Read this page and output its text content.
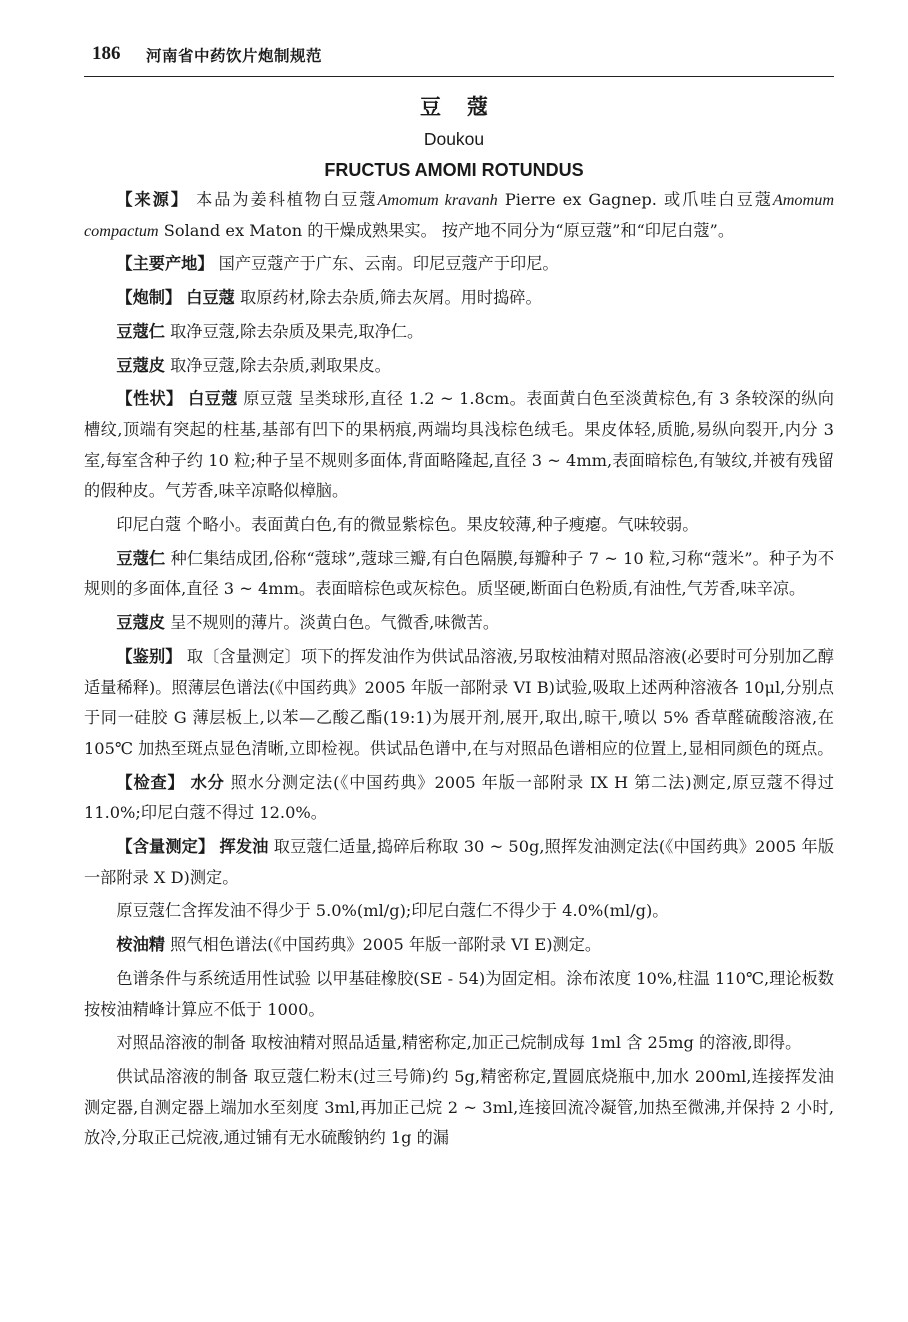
186 河南省中药饮片炮制规范
豆蔻
Doukou
FRUCTUS AMOMI ROTUNDUS

【来源】 本品为姜科植物白豆蔻Amomum kravanh Pierre ex Gagnep. 或爪哇白豆蔻Amomum compactum Soland ex Maton 的干燥成熟果实。 按产地不同分为“原豆蔻”和“印尼白蔻”。

【主要产地】 国产豆蔻产于广东、云南。印尼豆蔻产于印尼。

【炮制】 白豆蔻 取原药材,除去杂质,筛去灰屑。用时捣碎。

豆蔻仁 取净豆蔻,除去杂质及果壳,取净仁。

豆蔻皮 取净豆蔻,除去杂质,剥取果皮。

【性状】 白豆蔻 原豆蔻 呈类球形,直径 1.2 ~ 1.8cm。表面黄白色至淡黄棕色,有 3 条较深的纵向槽纹,顶端有突起的柱基,基部有凹下的果柄痕,两端均具浅棕色绒毛。果皮体轻,质脆,易纵向裂开,内分 3 室,每室含种子约 10 粒;种子呈不规则多面体,背面略隆起,直径 3 ~ 4mm,表面暗棕色,有皱纹,并被有残留的假种皮。气芳香,味辛凉略似樟脑。

印尼白蔻 个略小。表面黄白色,有的微显紫棕色。果皮较薄,种子瘦瘪。气味较弱。

豆蔻仁 种仁集结成团,俗称“蔻球”,蔻球三瓣,有白色隔膜,每瓣种子 7 ~ 10 粒,习称“蔻米”。种子为不规则的多面体,直径 3 ~ 4mm。表面暗棕色或灰棕色。质坚硬,断面白色粉质,有油性,气芳香,味辛凉。

豆蔻皮 呈不规则的薄片。淡黄白色。气微香,味微苦。

【鉴别】 取〔含量测定〕项下的挥发油作为供试品溶液,另取桉油精对照品溶液(必要时可分别加乙醇适量稀释)。照薄层色谱法(《中国药典》2005 年版一部附录 VI B)试验,吸取上述两种溶液各 10μl,分别点于同一硅胶 G 薄层板上,以苯—乙酸乙酯(19:1)为展开剂,展开,取出,晾干,喷以 5% 香草醛硫酸溶液,在 105℃ 加热至斑点显色清晰,立即检视。供试品色谱中,在与对照品色谱相应的位置上,显相同颜色的斑点。

【检查】 水分 照水分测定法(《中国药典》2005 年版一部附录 IX H 第二法)测定,原豆蔻不得过 11.0%;印尼白蔻不得过 12.0%。

【含量测定】 挥发油 取豆蔻仁适量,捣碎后称取 30 ~ 50g,照挥发油测定法(《中国药典》2005 年版一部附录 X D)测定。

原豆蔻仁含挥发油不得少于 5.0%(ml/g);印尼白蔻仁不得少于 4.0%(ml/g)。

桉油精 照气相色谱法(《中国药典》2005 年版一部附录 VI E)测定。

色谱条件与系统适用性试验 以甲基硅橡胶(SE - 54)为固定相。涂布浓度 10%,柱温 110℃,理论板数按桉油精峰计算应不低于 1000。

对照品溶液的制备 取桉油精对照品适量,精密称定,加正己烷制成每 1ml 含 25mg 的溶液,即得。

供试品溶液的制备 取豆蔻仁粉末(过三号筛)约 5g,精密称定,置圆底烧瓶中,加水 200ml,连接挥发油测定器,自测定器上端加水至刻度 3ml,再加正己烷 2 ~ 3ml,连接回流冷凝管,加热至微沸,并保持 2 小时,放冷,分取正己烷液,通过铺有无水硫酸钠约 1g 的漏
